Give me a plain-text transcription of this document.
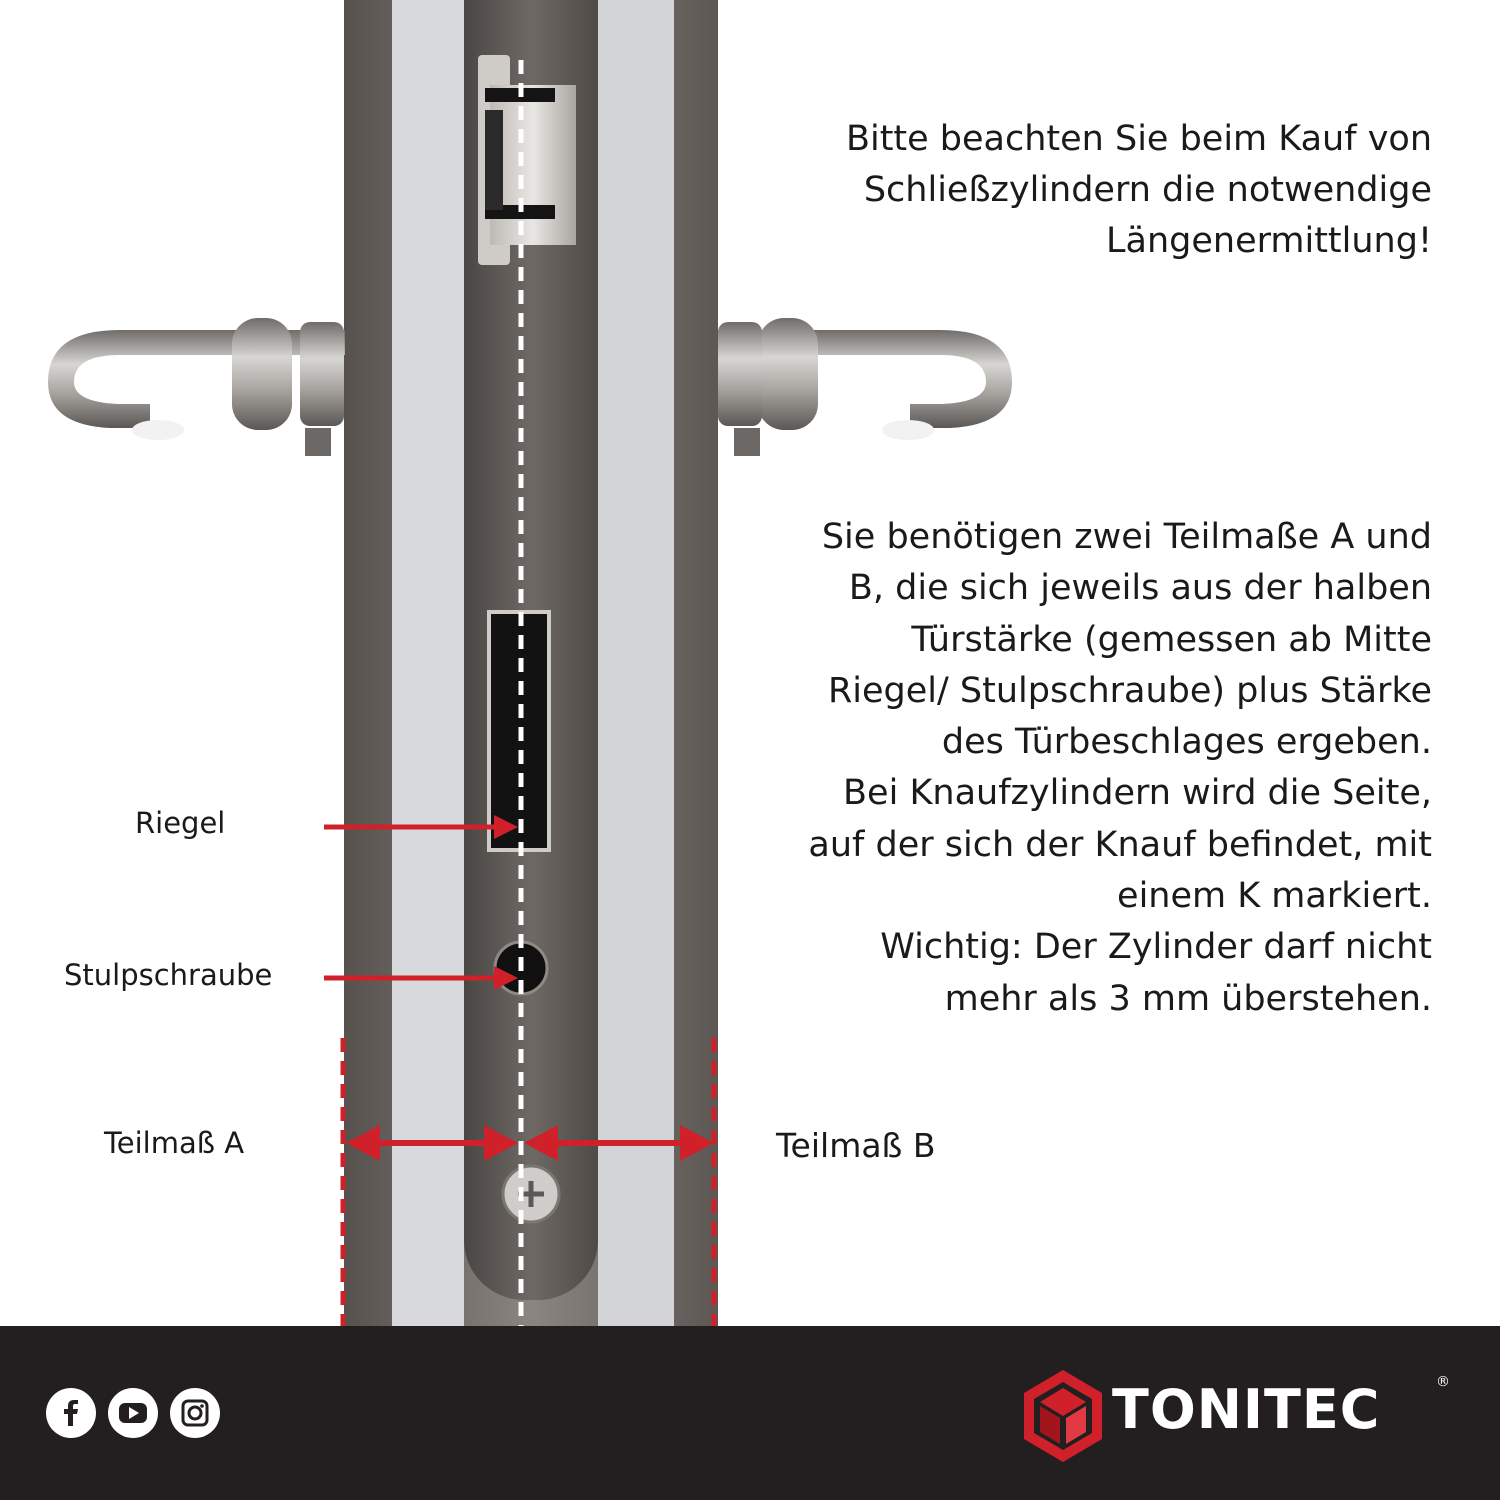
Bitte beachten Sie beim Kauf von
Schließzylindern die notwendige
Längenermittlung!
Sie benötigen zwei Teilmaße A und
B, die sich jeweils aus der halben
Türstärke (gemessen ab Mitte
Riegel/ Stulpschraube) plus Stärke
des Türbeschlages ergeben.
Bei Knaufzylindern wird die Seite,
auf der sich der Knauf befindet, mit
einem K markiert.
Wichtig: Der Zylinder darf nicht
mehr als 3 mm überstehen.
Riegel
Stulpschraube
Teilmaß A	Teilmaß B
TONITEC	®
